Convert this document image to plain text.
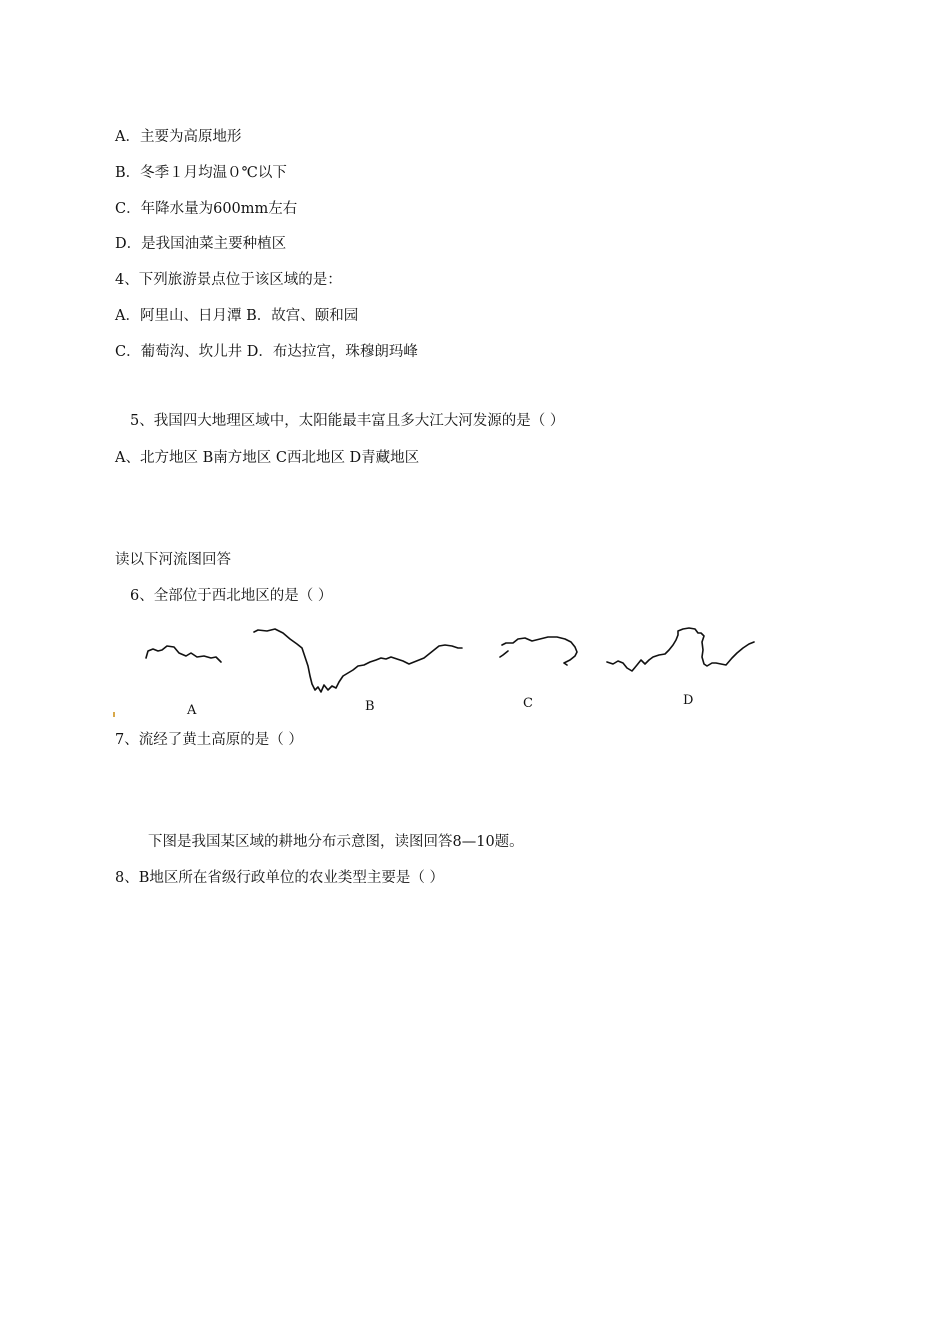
A．主要为高原地形
B．冬季１月均温０℃以下
C．年降水量为600mm左右
D．是我国油菜主要种植区
4、下列旅游景点位于该区域的是：
A．阿里山、日月潭 B．故宫、颐和园
C．葡萄沟、坎儿井 D．布达拉宫，珠穆朗玛峰
5、我国四大地理区域中，太阳能最丰富且多大江大河发源的是（ ）
A、北方地区 B南方地区 C西北地区 D青藏地区
读以下河流图回答
6、全部位于西北地区的是（ ）
A	B	C	D
7、流经了黄土高原的是（ ）
下图是我国某区域的耕地分布示意图，读图回答8—10题。
8、B地区所在省级行政单位的农业类型主要是（ ）
